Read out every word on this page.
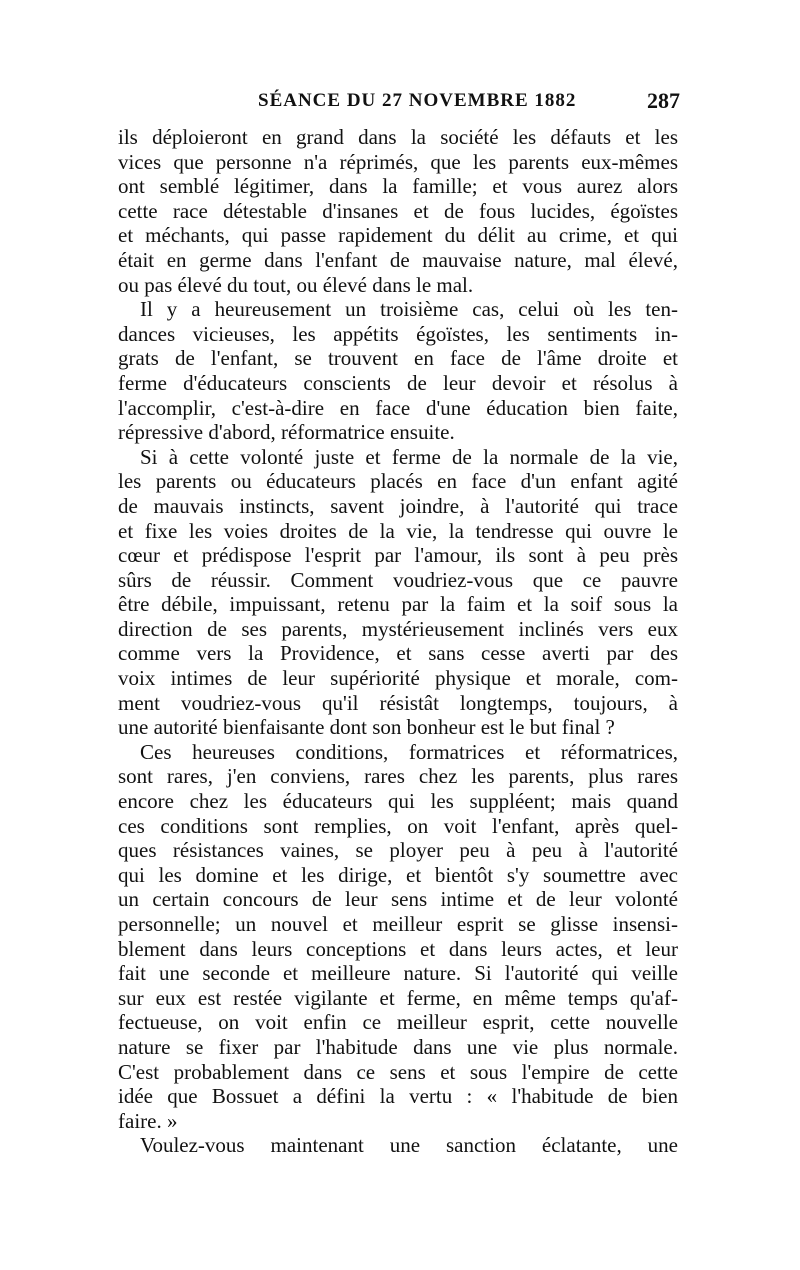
SÉANCE DU 27 NOVEMBRE 1882	287
ils déploieront en grand dans la société les défauts et les
vices que personne n'a réprimés, que les parents eux-mêmes
ont semblé légitimer, dans la famille; et vous aurez alors
cette race détestable d'insanes et de fous lucides, égoïstes
et méchants, qui passe rapidement du délit au crime, et qui
était en germe dans l'enfant de mauvaise nature, mal élevé,
ou pas élevé du tout, ou élevé dans le mal.
Il y a heureusement un troisième cas, celui où les ten-
dances vicieuses, les appétits égoïstes, les sentiments in-
grats de l'enfant, se trouvent en face de l'âme droite et
ferme d'éducateurs conscients de leur devoir et résolus à
l'accomplir, c'est-à-dire en face d'une éducation bien faite,
répressive d'abord, réformatrice ensuite.
Si à cette volonté juste et ferme de la normale de la vie,
les parents ou éducateurs placés en face d'un enfant agité
de mauvais instincts, savent joindre, à l'autorité qui trace
et fixe les voies droites de la vie, la tendresse qui ouvre le
cœur et prédispose l'esprit par l'amour, ils sont à peu près
sûrs de réussir. Comment voudriez-vous que ce pauvre
être débile, impuissant, retenu par la faim et la soif sous la
direction de ses parents, mystérieusement inclinés vers eux
comme vers la Providence, et sans cesse averti par des
voix intimes de leur supériorité physique et morale, com-
ment voudriez-vous qu'il résistât longtemps, toujours, à
une autorité bienfaisante dont son bonheur est le but final ?
Ces heureuses conditions, formatrices et réformatrices,
sont rares, j'en conviens, rares chez les parents, plus rares
encore chez les éducateurs qui les suppléent; mais quand
ces conditions sont remplies, on voit l'enfant, après quel-
ques résistances vaines, se ployer peu à peu à l'autorité
qui les domine et les dirige, et bientôt s'y soumettre avec
un certain concours de leur sens intime et de leur volonté
personnelle; un nouvel et meilleur esprit se glisse insensi-
blement dans leurs conceptions et dans leurs actes, et leur
fait une seconde et meilleure nature. Si l'autorité qui veille
sur eux est restée vigilante et ferme, en même temps qu'af-
fectueuse, on voit enfin ce meilleur esprit, cette nouvelle
nature se fixer par l'habitude dans une vie plus normale.
C'est probablement dans ce sens et sous l'empire de cette
idée que Bossuet a défini la vertu : « l'habitude de bien
faire. »
Voulez-vous maintenant une sanction éclatante, une
